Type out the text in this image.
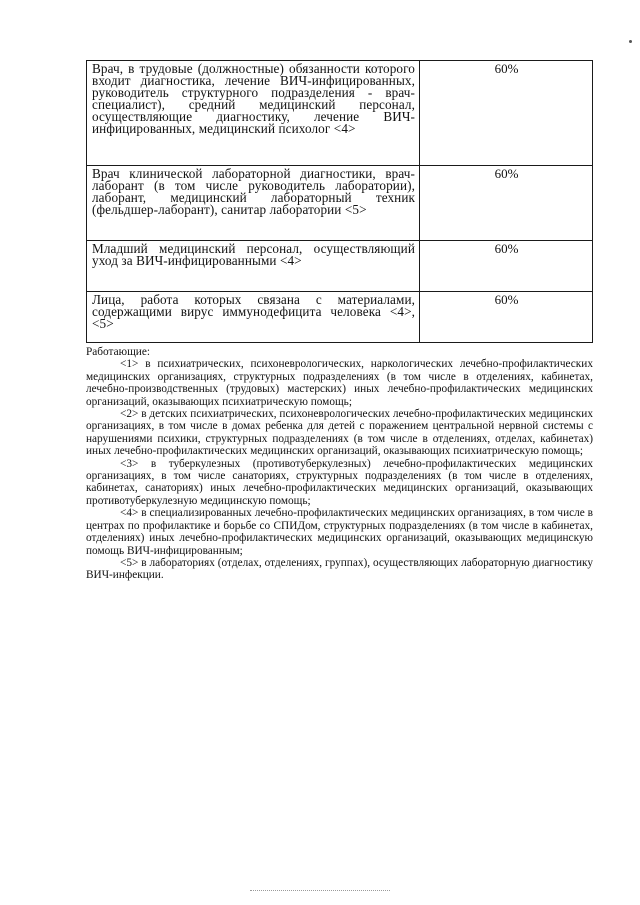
Врач, в трудовые (должностные) обязанности которого входит диагностика, лечение ВИЧ-инфицированных, руководитель структурного подразделения - врач-специалист), средний медицинский персонал, осуществляющие диагностику, лечение ВИЧ-инфицированных, медицинский психолог <4>	60%
Врач клинической лабораторной диагностики, врач-лаборант (в том числе руководитель лаборатории), лаборант, медицинский лабораторный техник (фельдшер-лаборант), санитар лаборатории <5>	60%
Младший медицинский персонал, осуществляющий уход за ВИЧ-инфицированными <4>	60%
Лица, работа которых связана с материалами, содержащими вирус иммунодефицита человека <4>, <5>	60%

Работающие:

<1> в психиатрических, психоневрологических, наркологических лечебно-профилактических медицинских организациях, структурных подразделениях (в том числе в отделениях, кабинетах, лечебно-производственных (трудовых) мастерских) иных лечебно-профилактических медицинских организаций, оказывающих психиатрическую помощь;

<2> в детских психиатрических, психоневрологических лечебно-профилактических медицинских организациях, в том числе в домах ребенка для детей с поражением центральной нервной системы с нарушениями психики, структурных подразделениях (в том числе в отделениях, отделах, кабинетах) иных лечебно-профилактических медицинских организаций, оказывающих психиатрическую помощь;

<3> в туберкулезных (противотуберкулезных) лечебно-профилактических медицинских организациях, в том числе санаториях, структурных подразделениях (в том числе в отделениях, кабинетах, санаториях) иных лечебно-профилактических медицинских организаций, оказывающих противотуберкулезную медицинскую помощь;

<4> в специализированных лечебно-профилактических медицинских организациях, в том числе в центрах по профилактике и борьбе со СПИДом, структурных подразделениях (в том числе в кабинетах, отделениях) иных лечебно-профилактических медицинских организаций, оказывающих медицинскую помощь ВИЧ-инфицированным;

<5> в лабораториях (отделах, отделениях, группах), осуществляющих лабораторную диагностику ВИЧ-инфекции.
